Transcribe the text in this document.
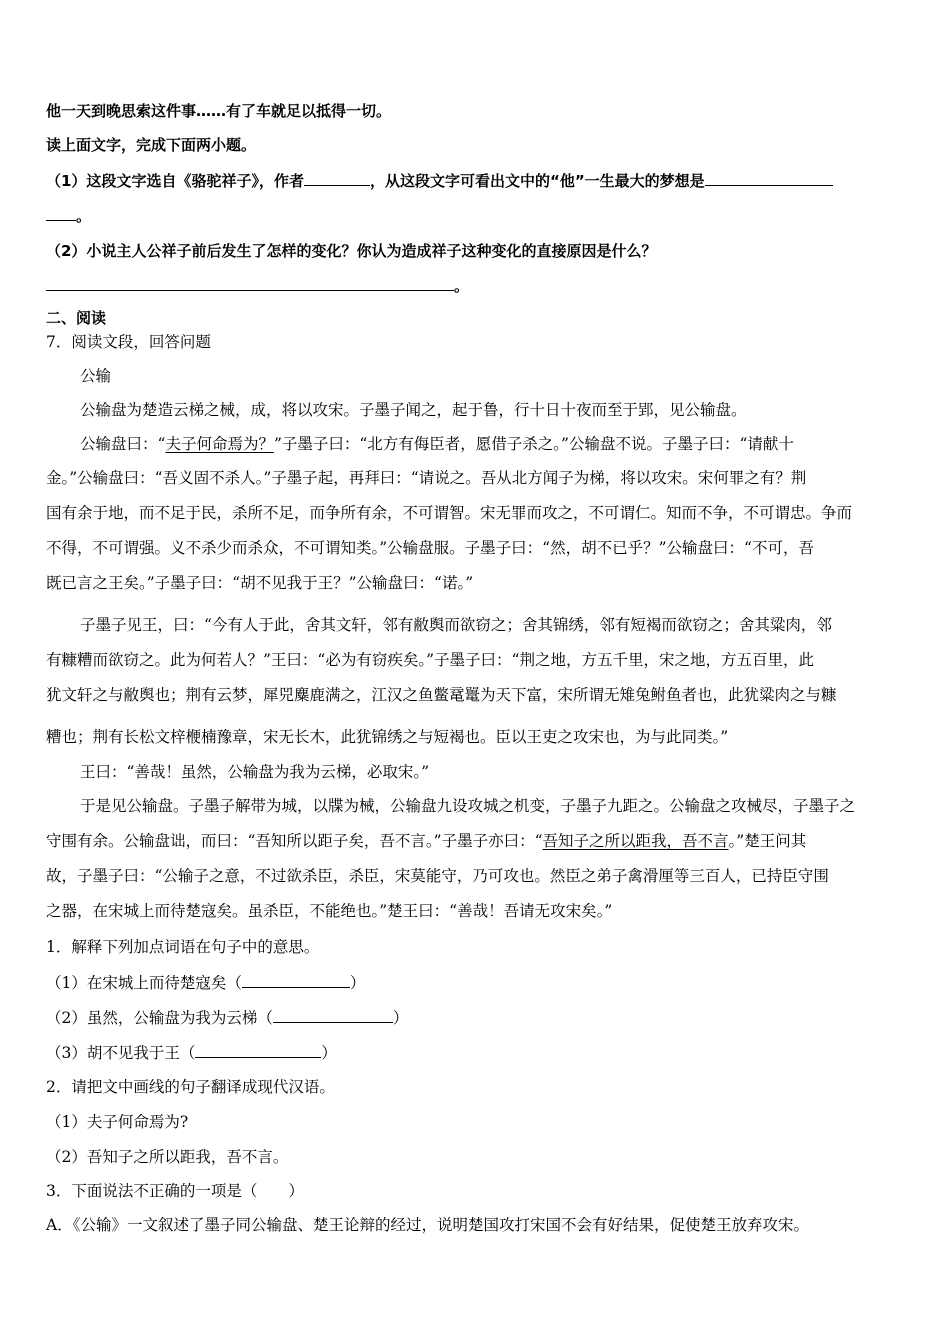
他一天到晚思索这件事……有了车就足以抵得一切。
读上面文字，完成下面两小题。
（1）这段文字选自《骆驼祥子》，作者	，从这段文字可看出文中的“他”一生最大的梦想是
。
（2）小说主人公祥子前后发生了怎样的变化？你认为造成祥子这种变化的直接原因是什么？
。
二、阅读
7．阅读文段，回答问题
公输
公输盘为楚造云梯之械，成，将以攻宋。子墨子闻之，起于鲁，行十日十夜而至于郢，见公输盘。
公输盘曰：“夫子何命焉为？”子墨子曰：“北方有侮臣者，愿借子杀之。”公输盘不说。子墨子曰：“请献十
金。”公输盘曰：“吾义固不杀人。”子墨子起，再拜曰：“请说之。吾从北方闻子为梯，将以攻宋。宋何罪之有？荆
国有余于地，而不足于民，杀所不足，而争所有余，不可谓智。宋无罪而攻之，不可谓仁。知而不争，不可谓忠。争而
不得，不可谓强。义不杀少而杀众，不可谓知类。”公输盘服。子墨子曰：“然，胡不已乎？”公输盘曰：“不可，吾
既已言之王矣。”子墨子曰：“胡不见我于王？”公输盘曰：“诺。”
子墨子见王，曰：“今有人于此，舍其文轩，邻有敝舆而欲窃之；舍其锦绣，邻有短褐而欲窃之；舍其粱肉，邻
有糠糟而欲窃之。此为何若人？”王曰：“必为有窃疾矣。”子墨子曰：“荆之地，方五千里，宋之地，方五百里，此
犹文轩之与敝舆也；荆有云梦，犀兕麋鹿满之，江汉之鱼鳖鼋鼍为天下富，宋所谓无雉兔鲋鱼者也，此犹粱肉之与糠
糟也；荆有长松文梓楩楠豫章，宋无长木，此犹锦绣之与短褐也。臣以王吏之攻宋也，为与此同类。”
王曰：“善哉！虽然，公输盘为我为云梯，必取宋。”
于是见公输盘。子墨子解带为城，以牒为械，公输盘九设攻城之机变，子墨子九距之。公输盘之攻械尽，子墨子之
守围有余。公输盘诎，而曰：“吾知所以距子矣，吾不言。”子墨子亦曰：“吾知子之所以距我，吾不言。”楚王问其
故，子墨子曰：“公输子之意，不过欲杀臣，杀臣，宋莫能守，乃可攻也。然臣之弟子禽滑厘等三百人，已持臣守围
之器，在宋城上而待楚寇矣。虽杀臣，不能绝也。”楚王曰：“善哉！吾请无攻宋矣。”
1．解释下列加点词语在句子中的意思。
（1）在宋城上而待楚寇矣（	）
（2）虽然，公输盘为我为云梯（	）
（3）胡不见我于王（	）
2．请把文中画线的句子翻译成现代汉语。
（1）夫子何命焉为?
（2）吾知子之所以距我，吾不言。
3．下面说法不正确的一项是（　　）
A．《公输》一文叙述了墨子同公输盘、楚王论辩的经过，说明楚国攻打宋国不会有好结果，促使楚王放弃攻宋。
